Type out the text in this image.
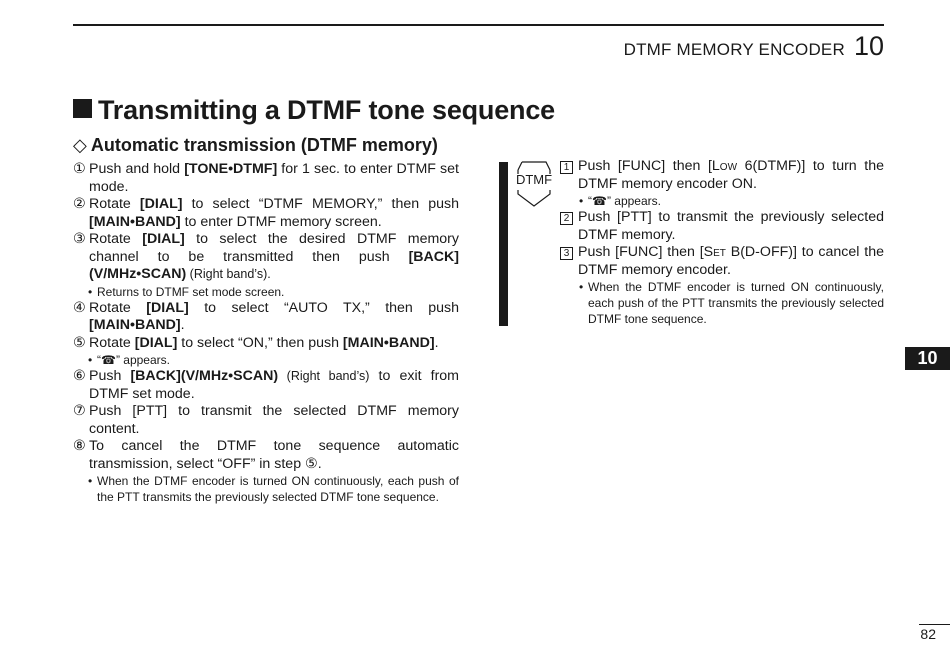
DTMF MEMORY ENCODER 10
Transmitting a DTMF tone sequence
◇ Automatic transmission (DTMF memory)
① Push and hold [TONE•DTMF] for 1 sec. to enter DTMF set mode.
② Rotate [DIAL] to select “DTMF MEMORY,” then push [MAIN•BAND] to enter DTMF memory screen.
③ Rotate [DIAL] to select the desired DTMF memory channel to be transmitted then push [BACK](V/MHz•SCAN) (Right band’s).
• Returns to DTMF set mode screen.
④ Rotate [DIAL] to select “AUTO TX,” then push [MAIN•BAND].
⑤ Rotate [DIAL] to select “ON,” then push [MAIN•BAND].
• “☎” appears.
⑥ Push [BACK](V/MHz•SCAN) (Right band’s) to exit from DTMF set mode.
⑦ Push [PTT] to transmit the selected DTMF memory content.
⑧ To cancel the DTMF tone sequence automatic transmission, select “OFF” in step ⑤.
• When the DTMF encoder is turned ON continuously, each push of the PTT transmits the previously selected DTMF tone sequence.
DTMF
1 Push [FUNC] then [Low 6(DTMF)] to turn the DTMF memory encoder ON.
• “☎” appears.
2 Push [PTT] to transmit the previously selected DTMF memory.
3 Push [FUNC] then [Set B(D-OFF)] to cancel the DTMF memory encoder.
• When the DTMF encoder is turned ON continuously, each push of the PTT transmits the previously selected DTMF tone sequence.
10
82
